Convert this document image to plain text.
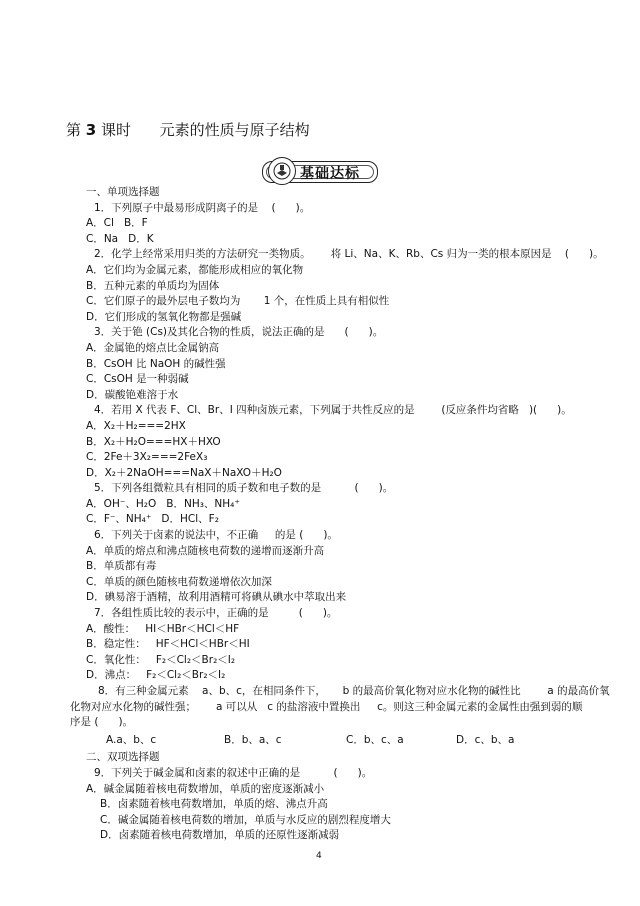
第 3 课时      元素的性质与原子结构
基础达标
一、单项选择题
1．下列原子中最易形成阴离子的是    (      )。
A．Cl   B．F
C．Na   D．K
2．化学上经常采用归类的方法研究一类物质。      将 Li、Na、K、Rb、Cs 归为一类的根本原因是    (      )。
A．它们均为金属元素，都能形成相应的氧化物
B．五种元素的单质均为固体
C．它们原子的最外层电子数均为       1 个，在性质上具有相似性
D．它们形成的氢氧化物都是强碱
3．关于铯 (Cs)及其化合物的性质，说法正确的是      (      )。
A．金属铯的熔点比金属钠高
B．CsOH 比 NaOH 的碱性强
C．CsOH 是一种弱碱
D．碳酸铯难溶于水
4．若用 X 代表 F、Cl、Br、I 四种卤族元素，下列属于共性反应的是        (反应条件均省略   )(      )。
A．X₂＋H₂===2HX
B．X₂＋H₂O===HX＋HXO
C．2Fe＋3X₂===2FeX₃
D．X₂＋2NaOH===NaX＋NaXO＋H₂O
5．下列各组微粒具有相同的质子数和电子数的是          (      )。
A．OH⁻、H₂O   B．NH₃、NH₄⁺
C．F⁻、NH₄⁺   D．HCl、F₂
6．下列关于卤素的说法中，不正确     的是 (      )。
A．单质的熔点和沸点随核电荷数的递增而逐渐升高
B．单质都有毒
C．单质的颜色随核电荷数递增依次加深
D．碘易溶于酒精，故利用酒精可将碘从碘水中萃取出来
7．各组性质比较的表示中，正确的是         (      )。
A．酸性：   HI＜HBr＜HCl＜HF
B．稳定性：   HF＜HCl＜HBr＜HI
C．氧化性：   F₂＜Cl₂＜Br₂＜I₂
D．沸点：   F₂＜Cl₂＜Br₂＜I₂
8．有三种金属元素    a、b、c，在相同条件下，     b 的最高价氧化物对应水化物的碱性比        a 的最高价氧
化物对应水化物的碱性强；      a 可以从   c 的盐溶液中置换出     c。则这三种金属元素的金属性由强到弱的顺
序是 (      )。
A.a、b、c	B．b、a、c	C．b、c、a	D．c、b、a
二、双项选择题
9．下列关于碱金属和卤素的叙述中正确的是          (      )。
A．碱金属随着核电荷数增加，单质的密度逐渐减小
B．卤素随着核电荷数增加，单质的熔、沸点升高
C．碱金属随着核电荷数的增加，单质与水反应的剧烈程度增大
D．卤素随着核电荷数增加，单质的还原性逐渐减弱
4
